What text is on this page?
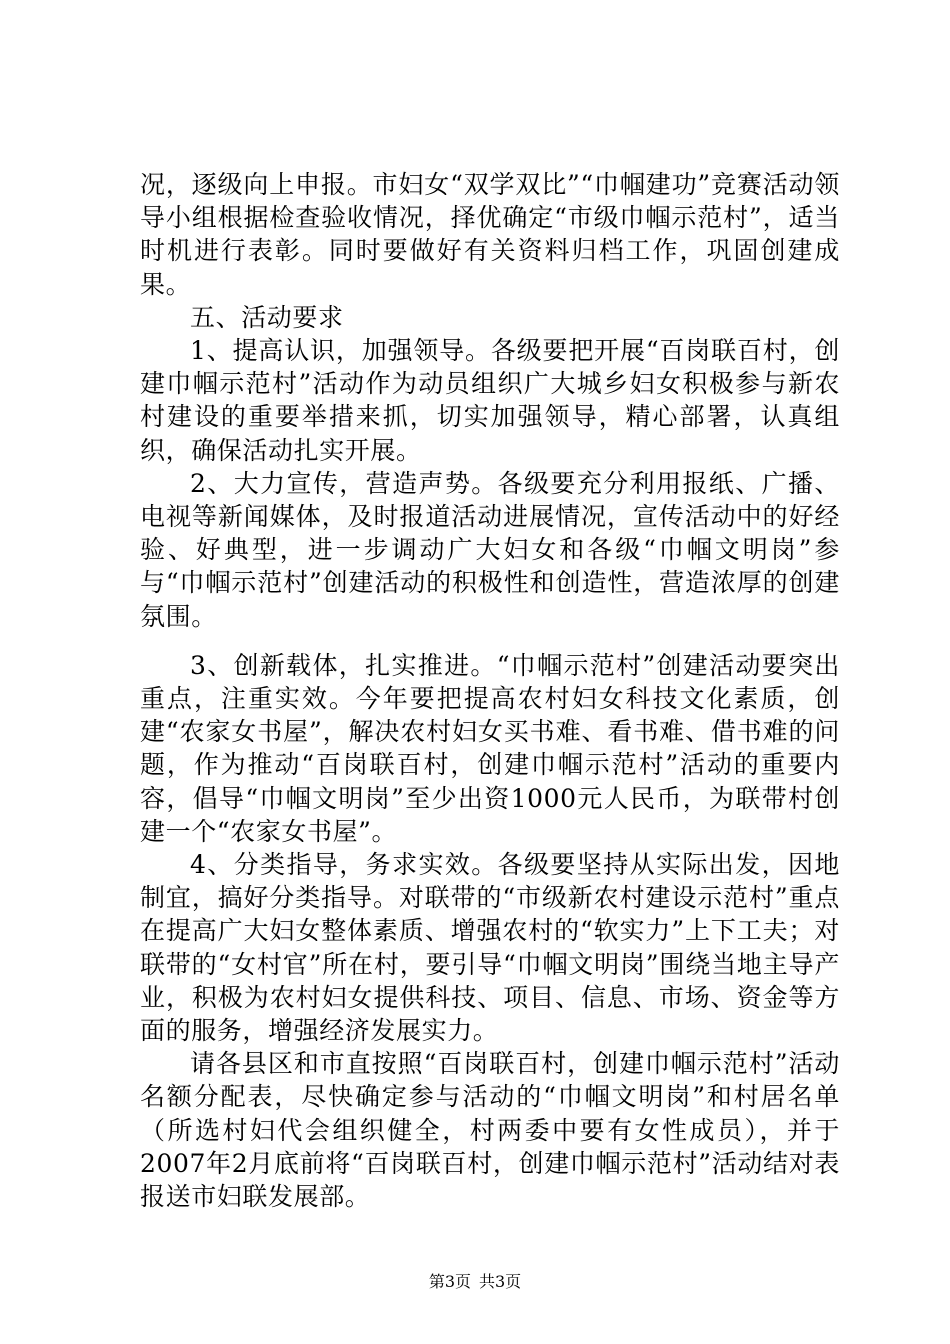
况，逐级向上申报。市妇女“双学双比”“巾帼建功”竞赛活动领导小组根据检查验收情况，择优确定“市级巾帼示范村”，适当时机进行表彰。同时要做好有关资料归档工作，巩固创建成果。

五、活动要求

1、提高认识，加强领导。各级要把开展“百岗联百村，创建巾帼示范村”活动作为动员组织广大城乡妇女积极参与新农村建设的重要举措来抓，切实加强领导，精心部署，认真组织，确保活动扎实开展。

2、大力宣传，营造声势。各级要充分利用报纸、广播、电视等新闻媒体，及时报道活动进展情况，宣传活动中的好经验、好典型，进一步调动广大妇女和各级“巾帼文明岗”参与“巾帼示范村”创建活动的积极性和创造性，营造浓厚的创建氛围。

3、创新载体，扎实推进。“巾帼示范村”创建活动要突出重点，注重实效。今年要把提高农村妇女科技文化素质，创建“农家女书屋”，解决农村妇女买书难、看书难、借书难的问题，作为推动“百岗联百村，创建巾帼示范村”活动的重要内容，倡导“巾帼文明岗”至少出资1000元人民币，为联带村创建一个“农家女书屋”。

4、分类指导，务求实效。各级要坚持从实际出发，因地制宜，搞好分类指导。对联带的“市级新农村建设示范村”重点在提高广大妇女整体素质、增强农村的“软实力”上下工夫；对联带的“女村官”所在村，要引导“巾帼文明岗”围绕当地主导产业，积极为农村妇女提供科技、项目、信息、市场、资金等方面的服务，增强经济发展实力。

请各县区和市直按照“百岗联百村，创建巾帼示范村”活动名额分配表，尽快确定参与活动的“巾帼文明岗”和村居名单（所选村妇代会组织健全，村两委中要有女性成员），并于2007年2月底前将“百岗联百村，创建巾帼示范村”活动结对表报送市妇联发展部。

第3页 共3页
